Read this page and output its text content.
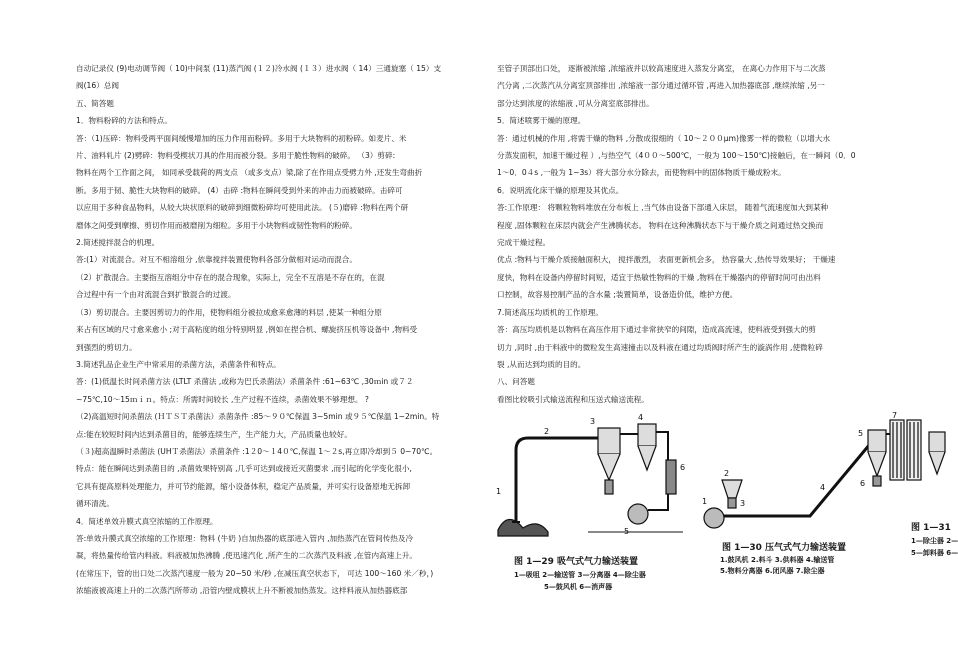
自动记录仪 (9)电动调节阀（ 10)中间泵 (11)蒸汽阀 (１２)冷水阀 (１３）进水阀（ 14）三通旋塞（ 15）支

阀(16）总阀

五、简答题

1．物料粉碎的方法和特点。

答：（1)压碎：物料受两平面间缓慢增加的压力作用而粉碎。多用于大块物料的初粉碎。如麦片、米

片、油料轧片 (2)劈碎：物料受楔状刀具的作用而被分裂。多用于脆性物料的破碎。 （3）剪碎:

物料在两个工作面之间， 如同承受载荷的两支点 （或多支点）梁,除了在作用点受劈力外 ,还发生弯曲折

断。多用于韧、脆性大块物料的破碎。 (4）击碎 :物料在瞬间受到外来的冲击力而被破碎。击碎可

以应用于多种食品物料，从较大块状原料的破碎到细微粉碎均可使用此法。 (５)磨碎 :物料在两个研

磨体之间受到摩擦、剪切作用而被磨削为细粒。多用于小块物料或韧性物料的粉碎。

2.简述搅拌混合的机理。

答:(1）对流混合。对互不相溶组分 ,依靠搅拌装置使物料各部分做相对运动而混合。

（2）扩散混合。主要指互溶组分中存在的混合现象，实际上，完全不互溶是不存在的，在混

合过程中有一个由对流混合到扩散混合的过渡。

（3）剪切混合。主要因剪切力的作用，使物料组分被拉成愈来愈薄的料层 ,使某一种组分原

来占有区域的尺寸愈来愈小 ;对于高粘度的组分特别明显 ,例如在捏合机、螺旋挤压机等设备中 ,物料受

到强烈的剪切力。

3.简述乳品企业生产中常采用的杀菌方法，杀菌条件和特点。

答：(1)低温长时间杀菌方法 (LTLT 杀菌法 ,或称为巴氏杀菌法）杀菌条件 :61~63℃ ,30ｍin 或７２

~75℃,10～15ｍｉｎ。特点：所需时间较长 ,生产过程不连续，杀菌效果不够理想。 ?

（2)高温短时间杀菌法 (ＨＴＳＴ杀菌法）杀菌条件 :85～９０℃保温 3~5min 或９５℃保温 1~2min。特

点:能在较短时间内达到杀菌目的，能够连续生产，生产能力大，产品质量也较好。

（３)超高温瞬时杀菌法 (UHＴ杀菌法）杀菌条件 :1２0～１4０℃,保温 1～２s,再立即冷却到５ 0~70℃。

特点：能在瞬间达到杀菌目的 ,杀菌效果特别高 ,几乎可达到或接近灭菌要求 ,而引起的化学变化很小,

它具有提高原料处理能力，并可节约能源，缩小设备体积，稳定产品质量，并可实行设备原地无拆卸

循环清洗。

4．简述单效升膜式真空浓缩的工作原理。

答:单效升膜式真空浓缩的工作原理：物料 (牛奶 )自加热器的底部进入管内 ,加热蒸汽在管间传热及冷

凝，将热量传给管内料液。料液被加热沸腾 ,使迅速汽化 ,所产生的二次蒸汽及料液 ,在管内高速上升。

(在常压下，管的出口处二次蒸汽速度一般为 20~50 米/秒 ,在减压真空状态下， 可达 100～160 米／秒，)

浓缩液被高速上升的二次蒸汽所带动 ,沿管内壁成膜状上升不断被加热蒸发。这样料液从加热器底部

至管子顶部出口处， 逐渐被浓缩 ,浓缩液并以较高速度进入蒸发分离室， 在离心力作用下与二次蒸

汽分离 ,二次蒸汽从分离室顶部排出 ,浓缩液一部分通过循环管 ,再进入加热器底部 ,继续浓缩 ,另一

部分达到浓度的浓缩液 ,可从分离室底部排出。

5．简述喷雾干燥的原理。

答：通过机械的作用 ,将需干燥的物料 ,分散成很细的（ 10～２００μm)像雾一样的微粒（以增大水

分蒸发面积，加速干燥过程 ）,与热空气（4００～500℃，一般为 100～150℃)接触后，在一瞬间（0．0

1～0．0４s ,一般为 1~3s）将大部分水分除去，而使物料中的固体物质干燥成粉末。

6．说明流化床干燥的原理及其优点。

答:工作原理： 将颗粒物料堆放在分布板上 ,当气体由设备下部通入床层， 随着气流速度加大到某种

程度 ,固体颗粒在床层内就会产生沸腾状态。 物料在这种沸腾状态下与干燥介质之间通过热交换而

完成干燥过程。

优点 :物料与干燥介质接触面积大， 搅拌激烈， 表面更新机会多， 热容量大 ,热传导效果好； 干燥速

度快，物料在设备内停留时间短，适宜于热敏性物料的干燥 ,物料在干燥器内的停留时间可由出料

口控制，故容易控制产品的含水量 ;装置简单，设备造价低，维护方便。

7.简述高压均质机的工作原理。

答：高压均质机是以物料在高压作用下通过非常狭窄的间隙，造成高流速，使料液受到强大的剪

切力 ,同时 ,由于料液中的微粒发生高速撞击以及料液在通过均质阀时所产生的漩涡作用 ,使微粒碎

裂 ,从而达到均质的目的。

八、问答题

看图比较吸引式输送流程和压送式输送流程。

1
2
3	4
5
6
图 1—29 吸气式气力输送装置
1—吸咀 2—输送管 3—分离器 4—除尘器
5—鼓风机 6—消声器
1
2
3
4
5
6
7
图 1—30 压气式气力输送装置
1.鼓风机 2.料斗 3.供料器 4.输送管
5.物料分离器 6.闭风器 7.除尘器
图 1—31
1—除尘器 2—
5—卸料器 6—
